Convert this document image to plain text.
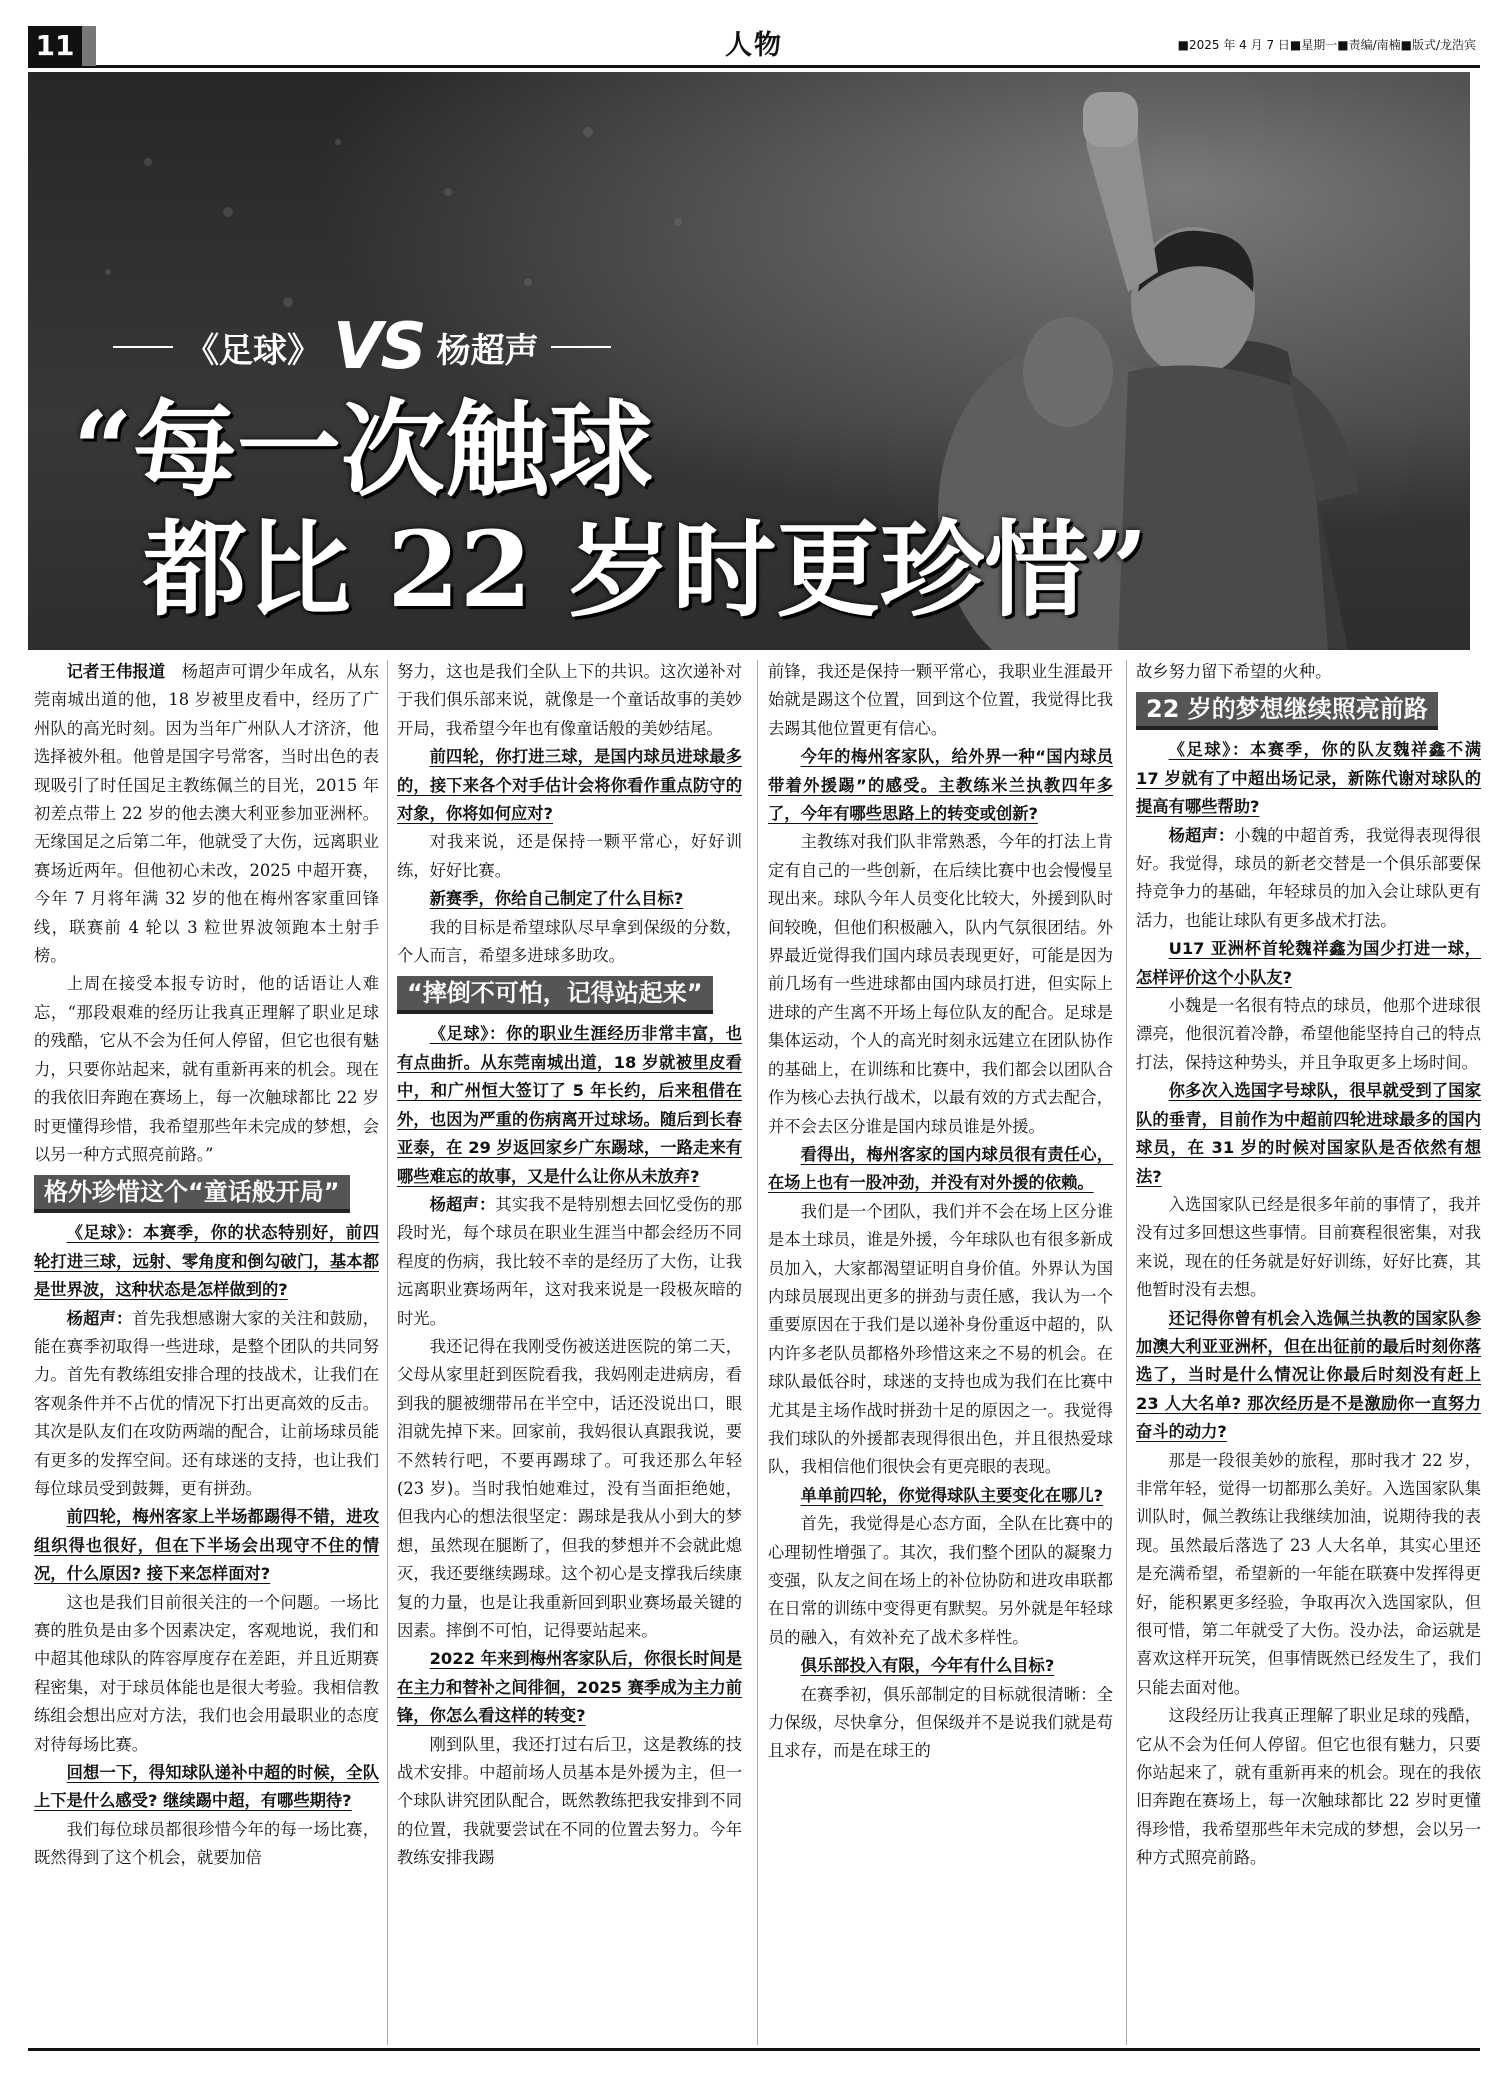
11	人物	■2025 年 4 月 7 日■星期一■责编/南楠■版式/龙浩宾
《足球》 VS 杨超声
“每一次触球
都比 22 岁时更珍惜”

记者王伟报道　 杨超声可谓少年成名，从东莞南城出道的他，18 岁被里皮看中，经历了广州队的高光时刻。因为当年广州队人才济济，他选择被外租。他曾是国字号常客，当时出色的表现吸引了时任国足主教练佩兰的目光，2015 年初差点带上 22 岁的他去澳大利亚参加亚洲杯。无缘国足之后第二年，他就受了大伤，远离职业赛场近两年。但他初心未改，2025 中超开赛，今年 7 月将年满 32 岁的他在梅州客家重回锋线，联赛前 4 轮以 3 粒世界波领跑本土射手榜。

上周在接受本报专访时，他的话语让人难忘，“那段艰难的经历让我真正理解了职业足球的残酷，它从不会为任何人停留，但它也很有魅力，只要你站起来，就有重新再来的机会。现在的我依旧奔跑在赛场上，每一次触球都比 22 岁时更懂得珍惜，我希望那些年未完成的梦想，会以另一种方式照亮前路。”

格外珍惜这个“童话般开局”

《足球》：本赛季，你的状态特别好，前四轮打进三球，远射、零角度和倒勾破门，基本都是世界波，这种状态是怎样做到的?

杨超声：首先我想感谢大家的关注和鼓励，能在赛季初取得一些进球，是整个团队的共同努力。首先有教练组安排合理的技战术，让我们在客观条件并不占优的情况下打出更高效的反击。其次是队友们在攻防两端的配合，让前场球员能有更多的发挥空间。还有球迷的支持，也让我们每位球员受到鼓舞，更有拼劲。

前四轮，梅州客家上半场都踢得不错，进攻组织得也很好，但在下半场会出现守不住的情况，什么原因? 接下来怎样面对?

这也是我们目前很关注的一个问题。一场比赛的胜负是由多个因素决定，客观地说，我们和中超其他球队的阵容厚度存在差距，并且近期赛程密集，对于球员体能也是很大考验。我相信教练组会想出应对方法，我们也会用最职业的态度对待每场比赛。

回想一下，得知球队递补中超的时候，全队上下是什么感受? 继续踢中超，有哪些期待?

我们每位球员都很珍惜今年的每一场比赛，既然得到了这个机会，就要加倍

努力，这也是我们全队上下的共识。这次递补对于我们俱乐部来说，就像是一个童话故事的美妙开局，我希望今年也有像童话般的美妙结尾。

前四轮，你打进三球，是国内球员进球最多的，接下来各个对手估计会将你看作重点防守的对象，你将如何应对?

对我来说，还是保持一颗平常心，好好训练，好好比赛。

新赛季，你给自己制定了什么目标?

我的目标是希望球队尽早拿到保级的分数，个人而言，希望多进球多助攻。

“摔倒不可怕，记得站起来”

《足球》：你的职业生涯经历非常丰富，也有点曲折。从东莞南城出道，18 岁就被里皮看中，和广州恒大签订了 5 年长约，后来租借在外，也因为严重的伤病离开过球场。随后到长春亚泰，在 29 岁返回家乡广东踢球，一路走来有哪些难忘的故事，又是什么让你从未放弃?

杨超声：其实我不是特别想去回忆受伤的那段时光，每个球员在职业生涯当中都会经历不同程度的伤病，我比较不幸的是经历了大伤，让我远离职业赛场两年，这对我来说是一段极灰暗的时光。

我还记得在我刚受伤被送进医院的第二天，父母从家里赶到医院看我，我妈刚走进病房，看到我的腿被绷带吊在半空中，话还没说出口，眼泪就先掉下来。回家前，我妈很认真跟我说，要不然转行吧，不要再踢球了。可我还那么年轻(23 岁)。当时我怕她难过，没有当面拒绝她，但我内心的想法很坚定：踢球是我从小到大的梦想，虽然现在腿断了，但我的梦想并不会就此熄灭，我还要继续踢球。这个初心是支撑我后续康复的力量，也是让我重新回到职业赛场最关键的因素。摔倒不可怕，记得要站起来。

2022 年来到梅州客家队后，你很长时间是在主力和替补之间徘徊，2025 赛季成为主力前锋，你怎么看这样的转变?

刚到队里，我还打过右后卫，这是教练的技战术安排。中超前场人员基本是外援为主，但一个球队讲究团队配合，既然教练把我安排到不同的位置，我就要尝试在不同的位置去努力。今年教练安排我踢

前锋，我还是保持一颗平常心，我职业生涯最开始就是踢这个位置，回到这个位置，我觉得比我去踢其他位置更有信心。

今年的梅州客家队，给外界一种“国内球员带着外援踢”的感受。主教练米兰执教四年多了，今年有哪些思路上的转变或创新?

主教练对我们队非常熟悉，今年的打法上肯定有自己的一些创新，在后续比赛中也会慢慢呈现出来。球队今年人员变化比较大，外援到队时间较晚，但他们积极融入，队内气氛很团结。外界最近觉得我们国内球员表现更好，可能是因为前几场有一些进球都由国内球员打进，但实际上进球的产生离不开场上每位队友的配合。足球是集体运动，个人的高光时刻永远建立在团队协作的基础上，在训练和比赛中，我们都会以团队合作为核心去执行战术，以最有效的方式去配合，并不会去区分谁是国内球员谁是外援。

看得出，梅州客家的国内球员很有责任心，在场上也有一股冲劲，并没有对外援的依赖。

我们是一个团队，我们并不会在场上区分谁是本土球员，谁是外援，今年球队也有很多新成员加入，大家都渴望证明自身价值。外界认为国内球员展现出更多的拼劲与责任感，我认为一个重要原因在于我们是以递补身份重返中超的，队内许多老队员都格外珍惜这来之不易的机会。在球队最低谷时，球迷的支持也成为我们在比赛中尤其是主场作战时拼劲十足的原因之一。我觉得我们球队的外援都表现得很出色，并且很热爱球队，我相信他们很快会有更亮眼的表现。

单单前四轮，你觉得球队主要变化在哪儿?

首先，我觉得是心态方面，全队在比赛中的心理韧性增强了。其次，我们整个团队的凝聚力变强，队友之间在场上的补位协防和进攻串联都在日常的训练中变得更有默契。另外就是年轻球员的融入，有效补充了战术多样性。

俱乐部投入有限，今年有什么目标?

在赛季初，俱乐部制定的目标就很清晰：全力保级，尽快拿分，但保级并不是说我们就是苟且求存，而是在球王的

故乡努力留下希望的火种。

22 岁的梦想继续照亮前路

《足球》：本赛季，你的队友魏祥鑫不满 17 岁就有了中超出场记录，新陈代谢对球队的提高有哪些帮助?

杨超声：小魏的中超首秀，我觉得表现得很好。我觉得，球员的新老交替是一个俱乐部要保持竞争力的基础，年轻球员的加入会让球队更有活力，也能让球队有更多战术打法。

U17 亚洲杯首轮魏祥鑫为国少打进一球，怎样评价这个小队友?

小魏是一名很有特点的球员，他那个进球很漂亮，他很沉着冷静，希望他能坚持自己的特点打法，保持这种势头，并且争取更多上场时间。

你多次入选国字号球队，很早就受到了国家队的垂青，目前作为中超前四轮进球最多的国内球员，在 31 岁的时候对国家队是否依然有想法?

入选国家队已经是很多年前的事情了，我并没有过多回想这些事情。目前赛程很密集，对我来说，现在的任务就是好好训练，好好比赛，其他暂时没有去想。

还记得你曾有机会入选佩兰执教的国家队参加澳大利亚亚洲杯，但在出征前的最后时刻你落选了，当时是什么情况让你最后时刻没有赶上 23 人大名单? 那次经历是不是激励你一直努力奋斗的动力?

那是一段很美妙的旅程，那时我才 22 岁，非常年轻，觉得一切都那么美好。入选国家队集训队时，佩兰教练让我继续加油，说期待我的表现。虽然最后落选了 23 人大名单，其实心里还是充满希望，希望新的一年能在联赛中发挥得更好，能积累更多经验，争取再次入选国家队，但很可惜，第二年就受了大伤。没办法，命运就是喜欢这样开玩笑，但事情既然已经发生了，我们只能去面对他。

这段经历让我真正理解了职业足球的残酷，它从不会为任何人停留。但它也很有魅力，只要你站起来了，就有重新再来的机会。现在的我依旧奔跑在赛场上，每一次触球都比 22 岁时更懂得珍惜，我希望那些年未完成的梦想，会以另一种方式照亮前路。
